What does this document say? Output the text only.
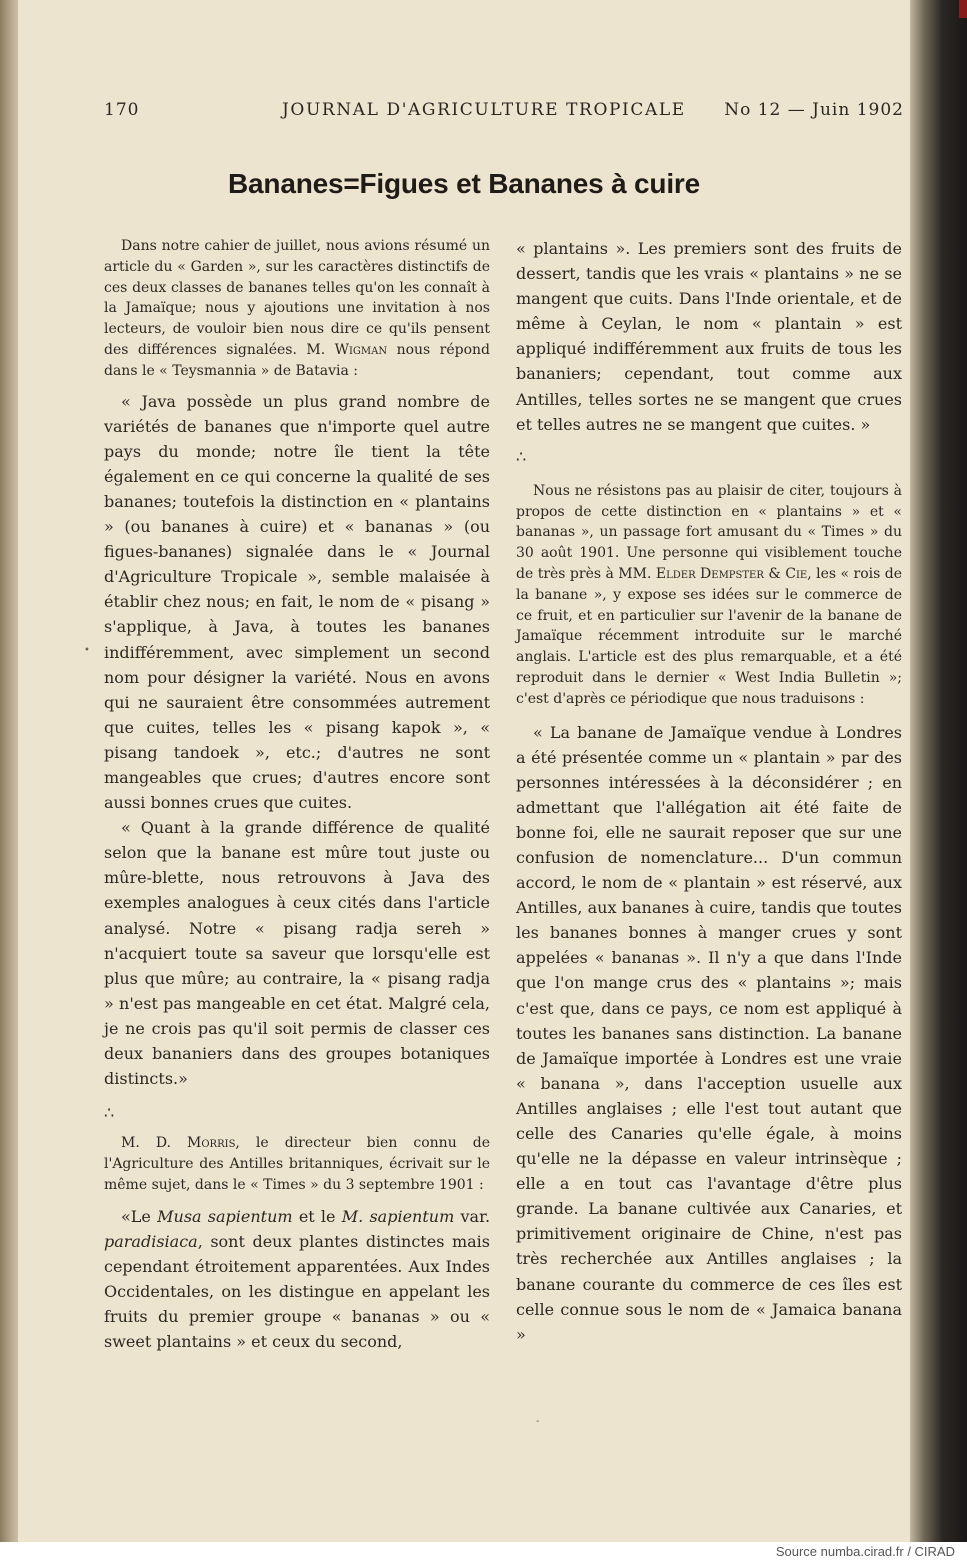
170	JOURNAL D'AGRICULTURE TROPICALE No 12 — Juin 1902
Bananes=Figues et Bananes à cuire

Dans notre cahier de juillet, nous avions résumé un article du « Garden », sur les caractères distinctifs de ces deux classes de bananes telles qu'on les connaît à la Jamaïque; nous y ajoutions une invitation à nos lecteurs, de vouloir bien nous dire ce qu'ils pensent des différences signalées. M. Wigman nous répond dans le « Teysmannia » de Batavia :

« Java possède un plus grand nombre de variétés de bananes que n'importe quel autre pays du monde; notre île tient la tête également en ce qui concerne la qualité de ses bananes; toutefois la distinction en « plantains » (ou bananes à cuire) et « bananas » (ou figues-bananes) signalée dans le « Journal d'Agriculture Tropicale », semble malaisée à établir chez nous; en fait, le nom de « pisang » s'applique, à Java, à toutes les bananes indifféremment, avec simplement un second nom pour désigner la variété. Nous en avons qui ne sauraient être consommées autrement que cuites, telles les « pisang kapok », « pisang tandoek », etc.; d'autres ne sont mangeables que crues; d'autres encore sont aussi bonnes crues que cuites.

« Quant à la grande différence de qualité selon que la banane est mûre tout juste ou mûre-blette, nous retrouvons à Java des exemples analogues à ceux cités dans l'article analysé. Notre « pisang radja sereh » n'acquiert toute sa saveur que lorsqu'elle est plus que mûre; au contraire, la « pisang radja » n'est pas mangeable en cet état. Malgré cela, je ne crois pas qu'il soit permis de classer ces deux bananiers dans des groupes botaniques distincts.»

∴

M. D. Morris, le directeur bien connu de l'Agriculture des Antilles britanniques, écrivait sur le même sujet, dans le « Times » du 3 septembre 1901 :

«Le Musa sapientum et le M. sapientum var. paradisiaca, sont deux plantes distinctes mais cependant étroitement apparentées. Aux Indes Occidentales, on les distingue en appelant les fruits du premier groupe « bananas » ou « sweet plantains » et ceux du second,

« plantains ». Les premiers sont des fruits de dessert, tandis que les vrais « plantains » ne se mangent que cuits. Dans l'Inde orientale, et de même à Ceylan, le nom « plantain » est appliqué indifféremment aux fruits de tous les bananiers; cependant, tout comme aux Antilles, telles sortes ne se mangent que crues et telles autres ne se mangent que cuites. »

∴

Nous ne résistons pas au plaisir de citer, toujours à propos de cette distinction en « plantains » et « bananas », un passage fort amusant du « Times » du 30 août 1901. Une personne qui visiblement touche de très près à MM. Elder Dempster & Cie, les « rois de la banane », y expose ses idées sur le commerce de ce fruit, et en particulier sur l'avenir de la banane de Jamaïque récemment introduite sur le marché anglais. L'article est des plus remarquable, et a été reproduit dans le dernier « West India Bulletin »; c'est d'après ce périodique que nous traduisons :

« La banane de Jamaïque vendue à Londres a été présentée comme un « plantain » par des personnes intéressées à la déconsidérer ; en admettant que l'allégation ait été faite de bonne foi, elle ne saurait reposer que sur une confusion de nomenclature... D'un commun accord, le nom de « plantain » est réservé, aux Antilles, aux bananes à cuire, tandis que toutes les bananes bonnes à manger crues y sont appelées « bananas ». Il n'y a que dans l'Inde que l'on mange crus des « plantains »; mais c'est que, dans ce pays, ce nom est appliqué à toutes les bananes sans distinction. La banane de Jamaïque importée à Londres est une vraie « banana », dans l'acception usuelle aux Antilles anglaises ; elle l'est tout autant que celle des Canaries qu'elle égale, à moins qu'elle ne la dépasse en valeur intrinsèque ; elle a en tout cas l'avantage d'être plus grande. La banane cultivée aux Canaries, et primitivement originaire de Chine, n'est pas très recherchée aux Antilles anglaises ; la banane courante du commerce de ces îles est celle connue sous le nom de « Jamaica banana »

•
-
Source numba.cirad.fr / CIRAD
